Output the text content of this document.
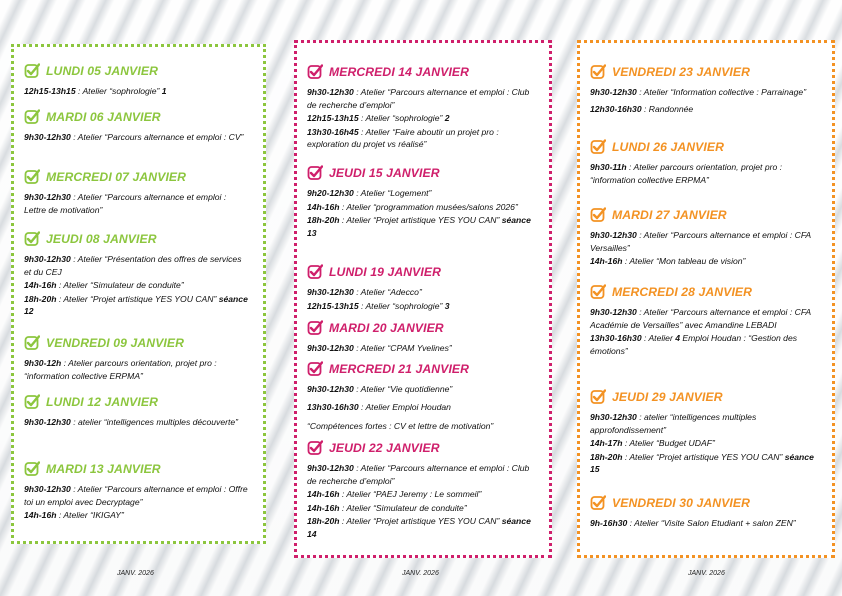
LUNDI 05 JANVIER
12h15-13h15 : Atelier “sophrologie” 1
MARDI 06 JANVIER
9h30-12h30 : Atelier “Parcours alternance et emploi : CV”
MERCREDI 07 JANVIER
9h30-12h30 : Atelier “Parcours alternance et emploi : Lettre de motivation”
JEUDI 08 JANVIER
9h30-12h30 : Atelier “Présentation des offres de services et du CEJ
14h-16h : Atelier “Simulateur de conduite”
18h-20h : Atelier “Projet artistique YES YOU CAN” séance 12
VENDREDI 09 JANVIER
9h30-12h : Atelier parcours orientation, projet pro : “information collective ERPMA”
LUNDI 12 JANVIER
9h30-12h30 : atelier “intelligences multiples découverte”
MARDI 13 JANVIER
9h30-12h30 : Atelier “Parcours alternance et emploi : Offre toi un emploi avec Decryptage”
14h-16h : Atelier “IKIGAY”
MERCREDI 14 JANVIER
9h30-12h30 : Atelier “Parcours alternance et emploi : Club de recherche d’emploi”
12h15-13h15 : Atelier “sophrologie” 2
13h30-16h45 : Atelier “Faire aboutir un projet pro : exploration du projet vs réalisé”
JEUDI 15 JANVIER
9h20-12h30 : Atelier “Logement”
14h-16h : Atelier “programmation musées/salons 2026”
18h-20h : Atelier “Projet artistique YES YOU CAN” séance 13
LUNDI 19 JANVIER
9h30-12h30 : Atelier “Adecco”
12h15-13h15 : Atelier “sophrologie” 3
MARDI 20 JANVIER
9h30-12h30 : Atelier “CPAM Yvelines”
MERCREDI 21 JANVIER
9h30-12h30 : Atelier “Vie quotidienne”
13h30-16h30 : Atelier Emploi Houdan
“Compétences fortes : CV et lettre de motivation”
JEUDI 22 JANVIER
9h30-12h30 : Atelier “Parcours alternance et emploi : Club de recherche d’emploi”
14h-16h : Atelier “PAEJ Jeremy : Le sommeil”
14h-16h : Atelier “Simulateur de conduite”
18h-20h : Atelier “Projet artistique YES YOU CAN” séance 14
VENDREDI 23 JANVIER
9h30-12h30 : Atelier “Information collective : Parrainage”
12h30-16h30 : Randonnée
LUNDI 26 JANVIER
9h30-11h : Atelier parcours orientation, projet pro : “information collective ERPMA”
MARDI 27 JANVIER
9h30-12h30 : Atelier “Parcours alternance et emploi : CFA Versailles”
14h-16h : Atelier “Mon tableau de vision”
MERCREDI 28 JANVIER
9h30-12h30 : Atelier “Parcours alternance et emploi : CFA Académie de Versailles” avec Amandine LEBADI
13h30-16h30 : Atelier 4 Emploi Houdan : “Gestion des émotions”
JEUDI 29 JANVIER
9h30-12h30 : atelier “intelligences multiples approfondissement”
14h-17h : Atelier “Budget UDAF”
18h-20h : Atelier “Projet artistique YES YOU CAN” séance 15
VENDREDI 30 JANVIER
9h-16h30 : Atelier “Visite Salon Etudiant + salon ZEN”
JANV. 2026	JANV. 2026	JANV. 2026
